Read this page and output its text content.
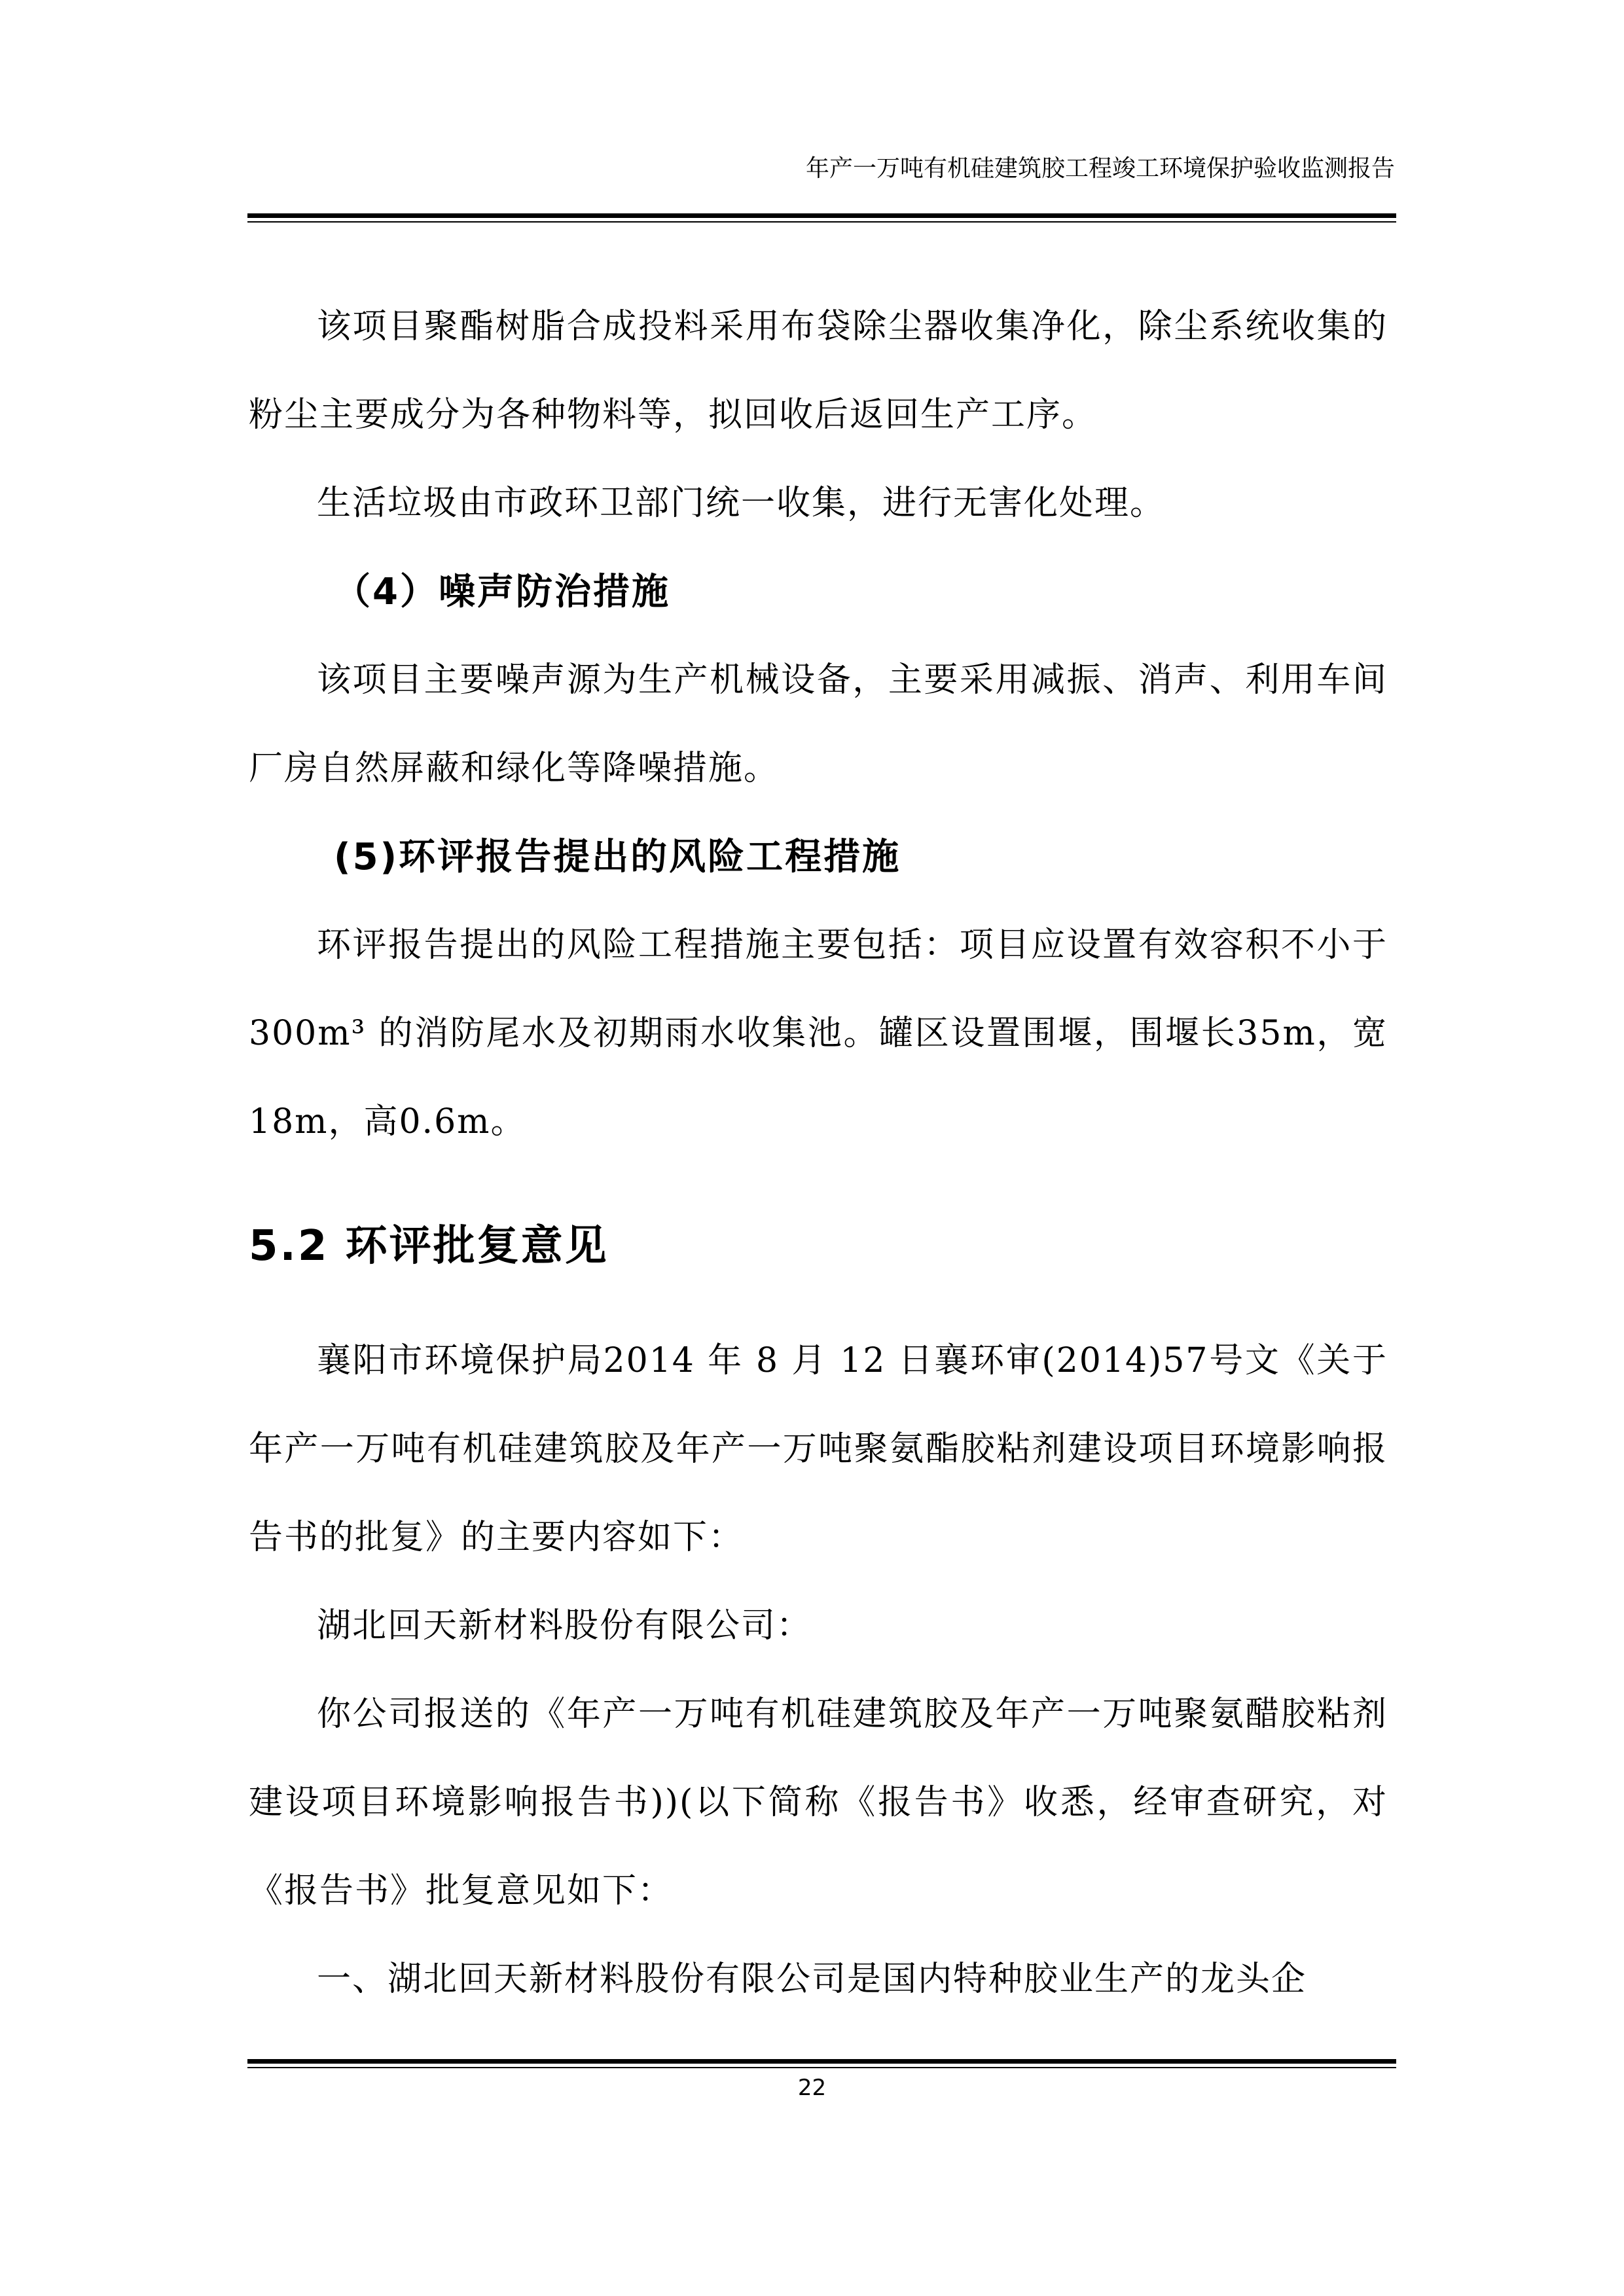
年产一万吨有机硅建筑胶工程竣工环境保护验收监测报告

该项目聚酯树脂合成投料采用布袋除尘器收集净化，除尘系统收集的粉尘主要成分为各种物料等，拟回收后返回生产工序。

生活垃圾由市政环卫部门统一收集，进行无害化处理。

（4）噪声防治措施

该项目主要噪声源为生产机械设备，主要采用减振、消声、利用车间厂房自然屏蔽和绿化等降噪措施。

(5)环评报告提出的风险工程措施

环评报告提出的风险工程措施主要包括：项目应设置有效容积不小于 300m³ 的消防尾水及初期雨水收集池。罐区设置围堰，围堰长35m，宽18m，高0.6m。

5.2 环评批复意见

襄阳市环境保护局2014 年 8 月 12 日襄环审(2014)57号文《关于年产一万吨有机硅建筑胶及年产一万吨聚氨酯胶粘剂建设项目环境影响报告书的批复》的主要内容如下：

湖北回天新材料股份有限公司：

你公司报送的《年产一万吨有机硅建筑胶及年产一万吨聚氨醋胶粘剂建设项目环境影响报告书))(以下简称《报告书》收悉，经审查研究，对《报告书》批复意见如下：

一、湖北回天新材料股份有限公司是国内特种胶业生产的龙头企

22
